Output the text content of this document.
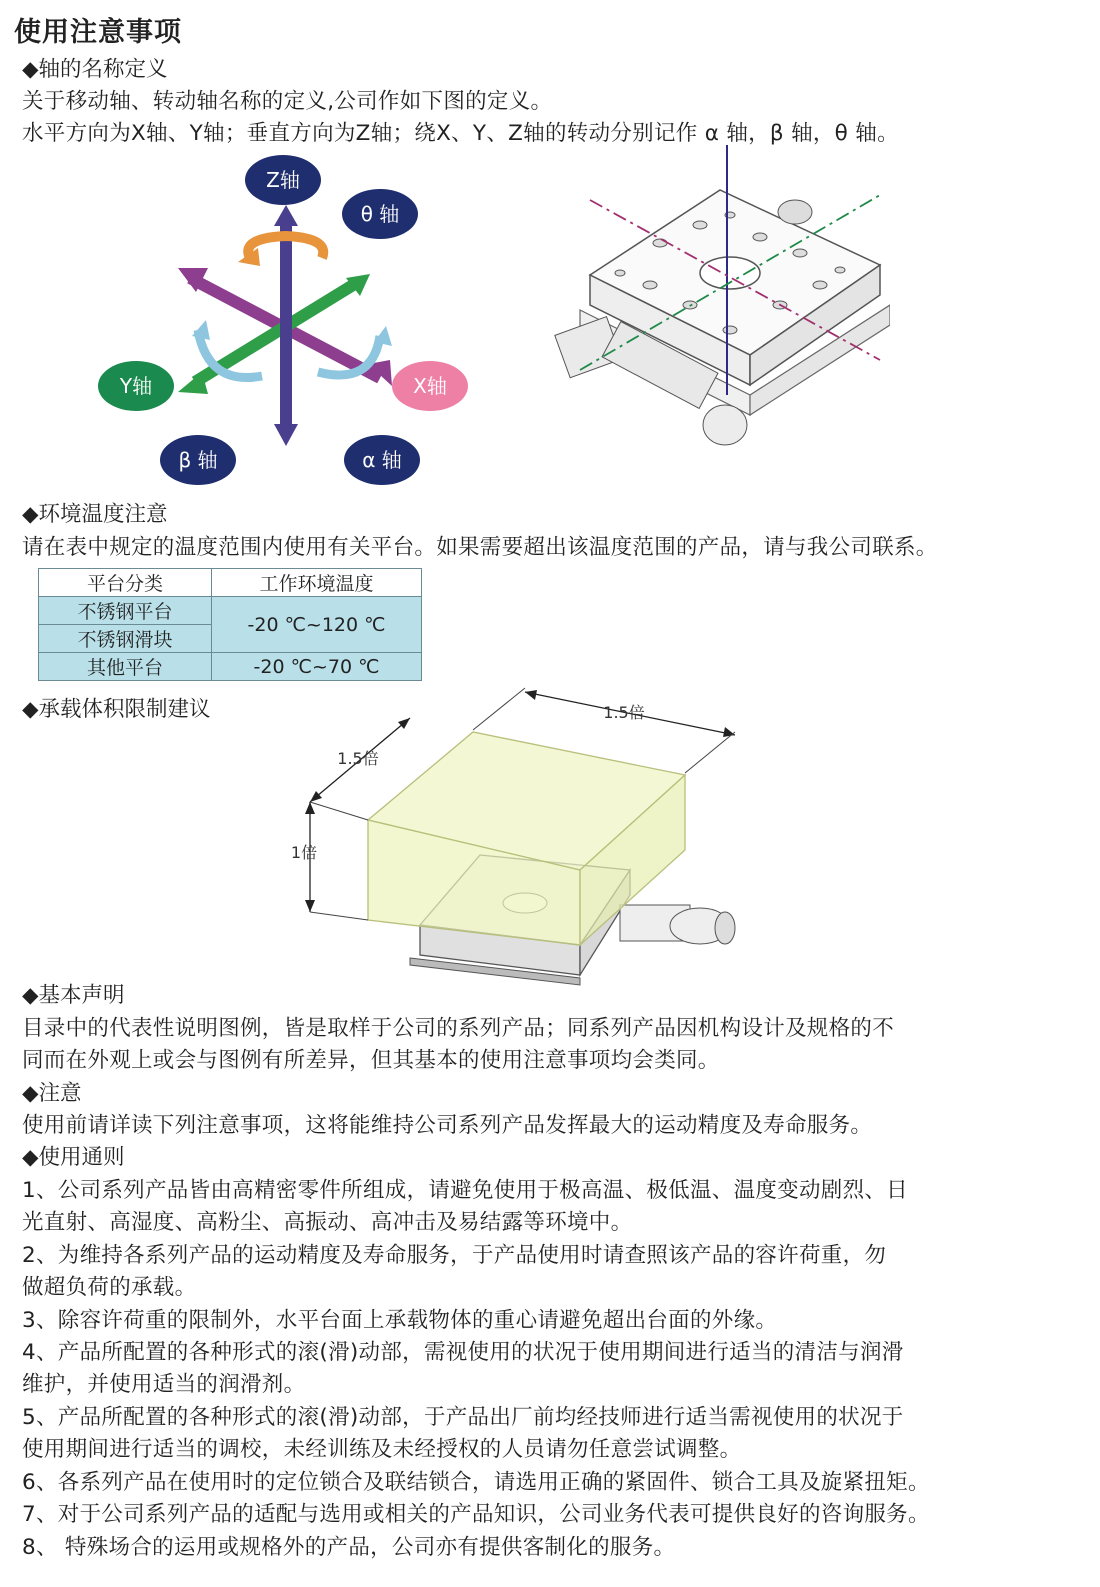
使用注意事项
◆轴的名称定义
关于移动轴、转动轴名称的定义,公司作如下图的定义。
水平方向为X轴、Y轴；垂直方向为Z轴；绕X、Y、Z轴的转动分别记作 α 轴，β 轴，θ 轴。
Z轴
θ 轴
Y轴	X轴
β 轴	α 轴
◆环境温度注意
请在表中规定的温度范围内使用有关平台。如果需要超出该温度范围的产品，请与我公司联系。
平台分类	工作环境温度
不锈钢平台	-20 ℃~120 ℃
不锈钢滑块	
其他平台	-20 ℃~70 ℃
◆承载体积限制建议	1.5倍
1.5倍
1倍
◆基本声明
目录中的代表性说明图例，皆是取样于公司的系列产品；同系列产品因机构设计及规格的不
同而在外观上或会与图例有所差异，但其基本的使用注意事项均会类同。
◆注意
使用前请详读下列注意事项，这将能维持公司系列产品发挥最大的运动精度及寿命服务。
◆使用通则
1、公司系列产品皆由高精密零件所组成，请避免使用于极高温、极低温、温度变动剧烈、日
光直射、高湿度、高粉尘、高振动、高冲击及易结露等环境中。
2、为维持各系列产品的运动精度及寿命服务，于产品使用时请查照该产品的容许荷重，勿
做超负荷的承载。
3、除容许荷重的限制外，水平台面上承载物体的重心请避免超出台面的外缘。
4、产品所配置的各种形式的滚(滑)动部，需视使用的状况于使用期间进行适当的清洁与润滑
维护，并使用适当的润滑剂。
5、产品所配置的各种形式的滚(滑)动部，于产品出厂前均经技师进行适当需视使用的状况于
使用期间进行适当的调校，未经训练及未经授权的人员请勿任意尝试调整。
6、各系列产品在使用时的定位锁合及联结锁合，请选用正确的紧固件、锁合工具及旋紧扭矩。
7、对于公司系列产品的适配与选用或相关的产品知识，公司业务代表可提供良好的咨询服务。
8、 特殊场合的运用或规格外的产品，公司亦有提供客制化的服务。
